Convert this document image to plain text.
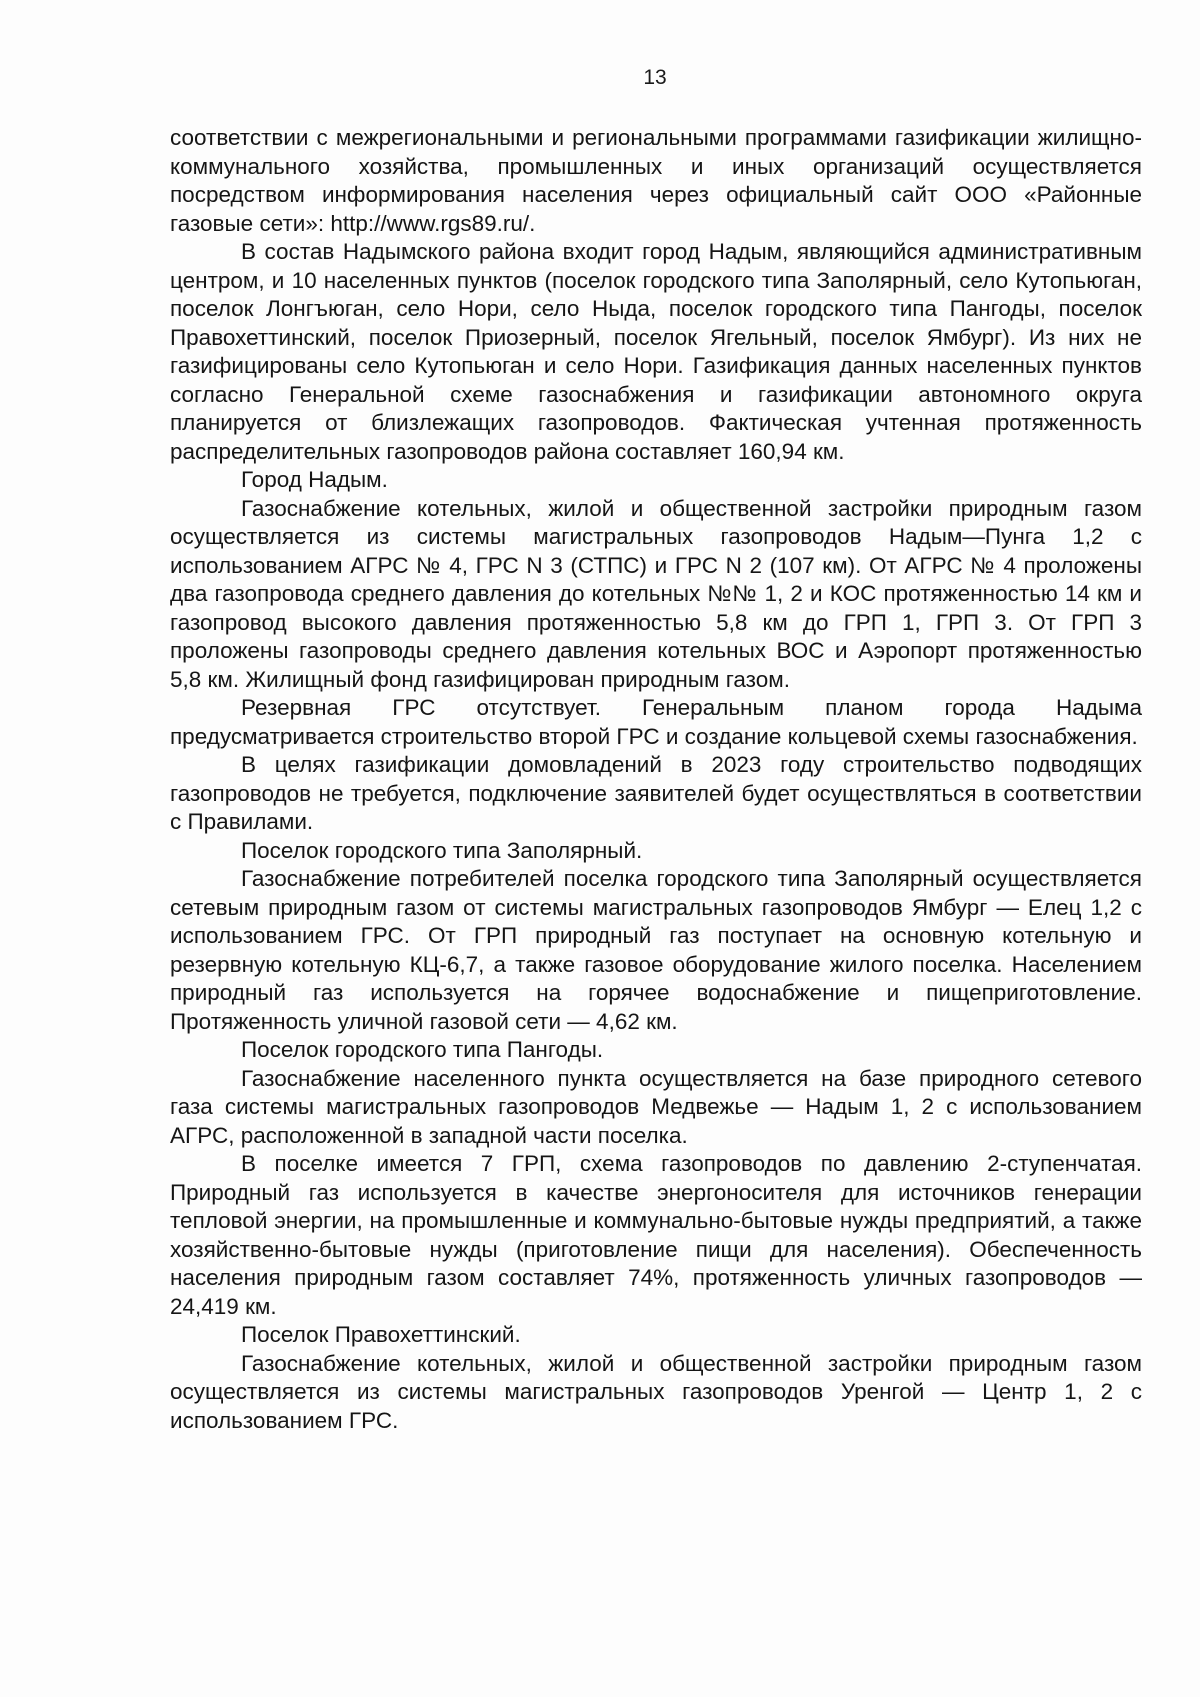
13

соответствии с межрегиональными и региональными программами газификации жилищно-коммунального хозяйства, промышленных и иных организаций осуществляется посредством информирования населения через официальный сайт ООО «Районные газовые сети»: http://www.rgs89.ru/.

В состав Надымского района входит город Надым, являющийся административным центром, и 10 населенных пунктов (поселок городского типа Заполярный, село Кутопьюган, поселок Лонгъюган, село Нори, село Ныда, поселок городского типа Пангоды, поселок Правохеттинский, поселок Приозерный, поселок Ягельный, поселок Ямбург). Из них не газифицированы село Кутопьюган и село Нори. Газификация данных населенных пунктов согласно Генеральной схеме газоснабжения и газификации автономного округа планируется от близлежащих газопроводов. Фактическая учтенная протяженность распределительных газопроводов района составляет 160,94 км.

Город Надым.

Газоснабжение котельных, жилой и общественной застройки природным газом осуществляется из системы магистральных газопроводов Надым—Пунга 1,2 с использованием АГРС № 4, ГРС N 3 (СТПС) и ГРС N 2 (107 км). От АГРС № 4 проложены два газопровода среднего давления до котельных №№ 1, 2 и КОС протяженностью 14 км и газопровод высокого давления протяженностью 5,8 км до ГРП 1, ГРП 3. От ГРП 3 проложены газопроводы среднего давления котельных ВОС и Аэропорт протяженностью 5,8 км. Жилищный фонд газифицирован природным газом.

Резервная ГРС отсутствует. Генеральным планом города Надыма предусматривается строительство второй ГРС и создание кольцевой схемы газоснабжения.

В целях газификации домовладений в 2023 году строительство подводящих газопроводов не требуется, подключение заявителей будет осуществляться в соответствии с Правилами.

Поселок городского типа Заполярный.

Газоснабжение потребителей поселка городского типа Заполярный осуществляется сетевым природным газом от системы магистральных газопроводов Ямбург — Елец 1,2 с использованием ГРС. От ГРП природный газ поступает на основную котельную и резервную котельную КЦ-6,7, а также газовое оборудование жилого поселка. Населением природный газ используется на горячее водоснабжение и пищеприготовление. Протяженность уличной газовой сети — 4,62 км.

Поселок городского типа Пангоды.

Газоснабжение населенного пункта осуществляется на базе природного сетевого газа системы магистральных газопроводов Медвежье — Надым 1, 2 с использованием АГРС, расположенной в западной части поселка.

В поселке имеется 7 ГРП, схема газопроводов по давлению 2-ступенчатая. Природный газ используется в качестве энергоносителя для источников генерации тепловой энергии, на промышленные и коммунально-бытовые нужды предприятий, а также хозяйственно-бытовые нужды (приготовление пищи для населения). Обеспеченность населения природным газом составляет 74%, протяженность уличных газопроводов — 24,419 км.

Поселок Правохеттинский.

Газоснабжение котельных, жилой и общественной застройки природным газом осуществляется из системы магистральных газопроводов Уренгой — Центр 1, 2 с использованием ГРС.
